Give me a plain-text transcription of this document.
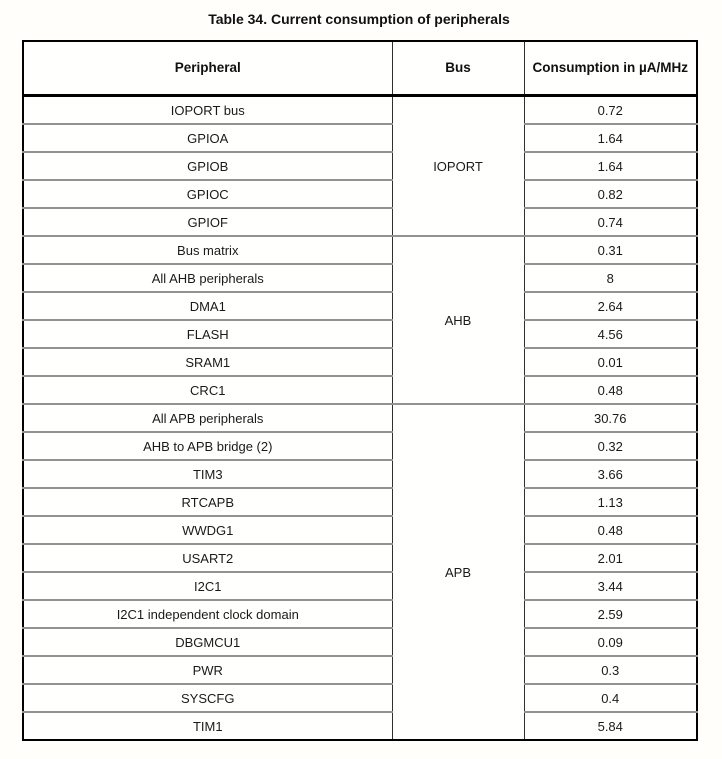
Table 34. Current consumption of peripherals
Peripheral	Bus	Consumption in µA/MHz
IOPORT bus	IOPORT	0.72
GPIOA		1.64
GPIOB		1.64
GPIOC		0.82
GPIOF		0.74
Bus matrix	AHB	0.31
All AHB peripherals		8
DMA1		2.64
FLASH		4.56
SRAM1		0.01
CRC1		0.48
All APB peripherals	APB	30.76
AHB to APB bridge (2)		0.32
TIM3		3.66
RTCAPB		1.13
WWDG1		0.48
USART2		2.01
I2C1		3.44
I2C1 independent clock domain		2.59
DBGMCU1		0.09
PWR		0.3
SYSCFG		0.4
TIM1		5.84
